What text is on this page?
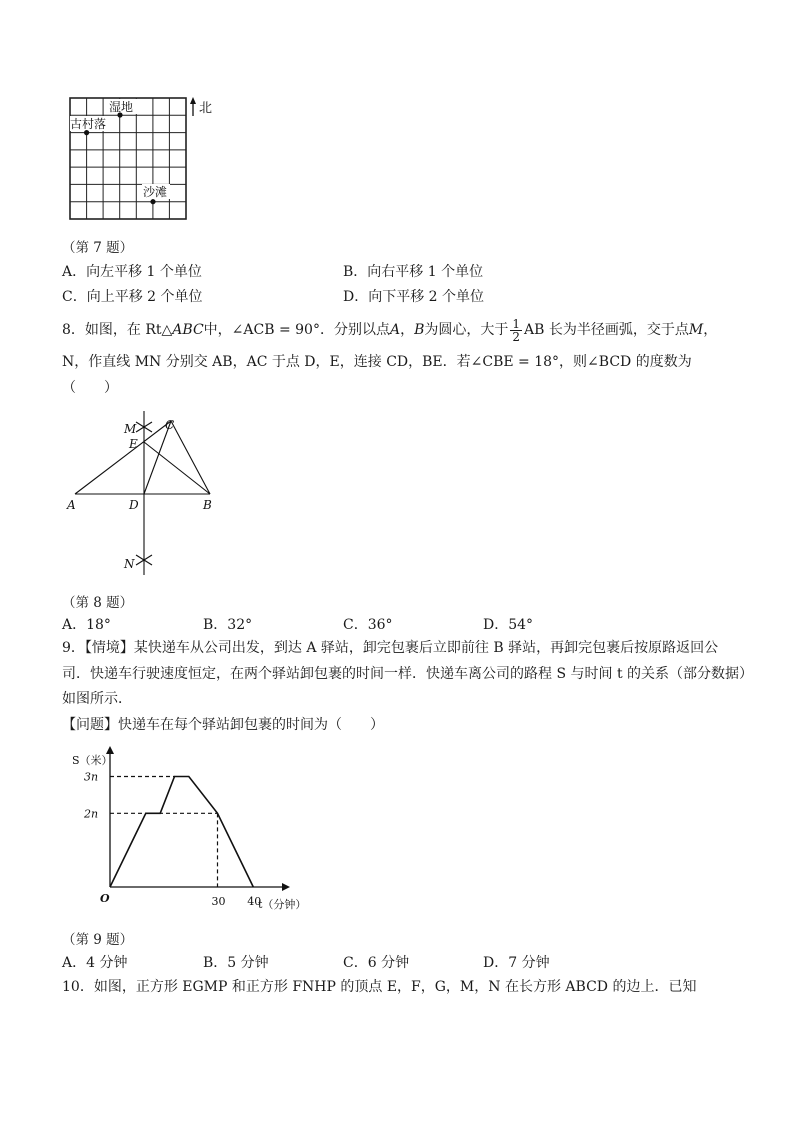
湿地
古村落
沙滩
北
（第 7 题）
A．向左平移 1 个单位	B．向右平移 1 个单位
C．向上平移 2 个单位	D．向下平移 2 个单位
8．如图，在 Rt△ ABC 中，∠ACB = 90°．分别以点 A ， B 为圆心，大于 $\frac{1}{2}$ AB 长为半径画弧，交于点 M ，
N，作直线 MN 分别交 AB，AC 于点 D，E，连接 CD，BE．若∠CBE = 18°，则∠BCD 的度数为
（　　）
M C
E
A	D	B
N
（第 8 题）
A．18°	B．32°	C．36°	D．54°
9．【情境】某快递车从公司出发，到达 A 驿站，卸完包裹后立即前往 B 驿站，再卸完包裹后按原路返回公
司．快递车行驶速度恒定，在两个驿站卸包裹的时间一样．快递车离公司的路程 S 与时间 t 的关系（部分数据）
如图所示．
【问题】快递车在每个驿站卸包裹的时间为（　　）
S（米）
t（分钟）
O
3n
2n
30 40
（第 9 题）
A．4 分钟	B．5 分钟	C．6 分钟	D．7 分钟
10．如图，正方形 EGMP 和正方形 FNHP 的顶点 E，F，G，M，N 在长方形 ABCD 的边上．已知
